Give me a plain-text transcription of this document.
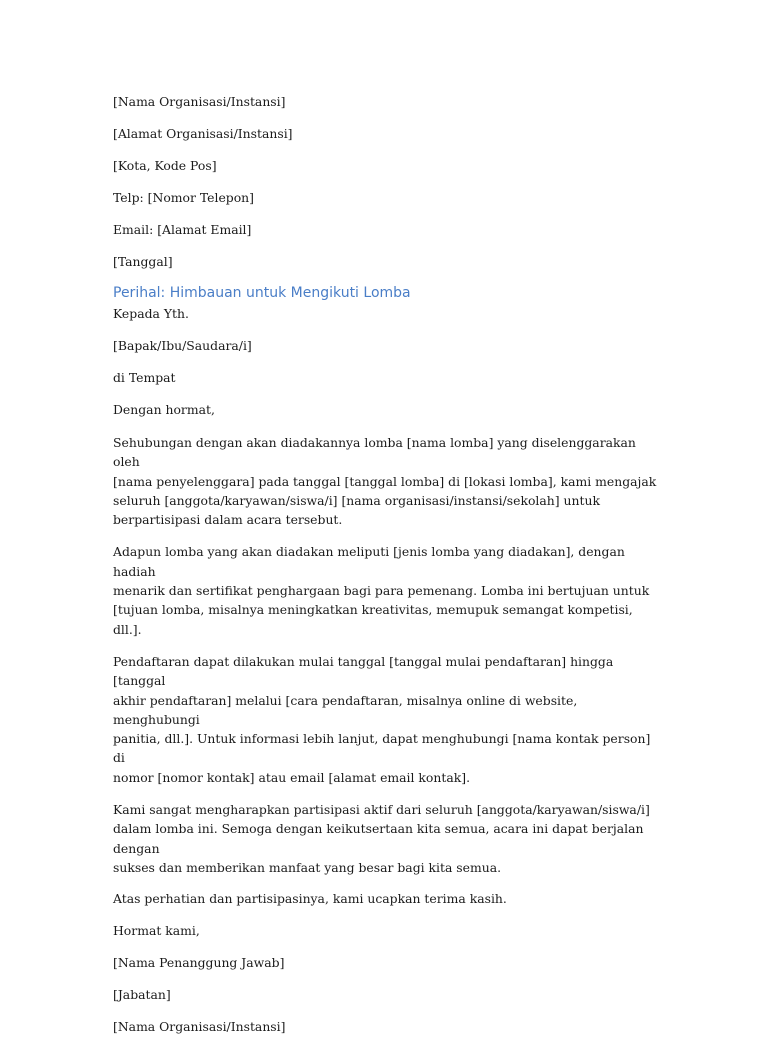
[Nama Organisasi/Instansi]
[Alamat Organisasi/Instansi]
[Kota, Kode Pos]
Telp: [Nomor Telepon]
Email: [Alamat Email]
[Tanggal]
Perihal: Himbauan untuk Mengikuti Lomba
Kepada Yth.
[Bapak/Ibu/Saudara/i]
di Tempat
Dengan hormat,

Sehubungan dengan akan diadakannya lomba [nama lomba] yang diselenggarakan oleh
[nama penyelenggara] pada tanggal [tanggal lomba] di [lokasi lomba], kami mengajak
seluruh [anggota/karyawan/siswa/i] [nama organisasi/instansi/sekolah] untuk
berpartisipasi dalam acara tersebut.

Adapun lomba yang akan diadakan meliputi [jenis lomba yang diadakan], dengan hadiah
menarik dan sertifikat penghargaan bagi para pemenang. Lomba ini bertujuan untuk
[tujuan lomba, misalnya meningkatkan kreativitas, memupuk semangat kompetisi, dll.].

Pendaftaran dapat dilakukan mulai tanggal [tanggal mulai pendaftaran] hingga [tanggal
akhir pendaftaran] melalui [cara pendaftaran, misalnya online di website, menghubungi
panitia, dll.]. Untuk informasi lebih lanjut, dapat menghubungi [nama kontak person] di
nomor [nomor kontak] atau email [alamat email kontak].

Kami sangat mengharapkan partisipasi aktif dari seluruh [anggota/karyawan/siswa/i]
dalam lomba ini. Semoga dengan keikutsertaan kita semua, acara ini dapat berjalan dengan
sukses dan memberikan manfaat yang besar bagi kita semua.

Atas perhatian dan partisipasinya, kami ucapkan terima kasih.
Hormat kami,
[Nama Penanggung Jawab]
[Jabatan]
[Nama Organisasi/Instansi]
